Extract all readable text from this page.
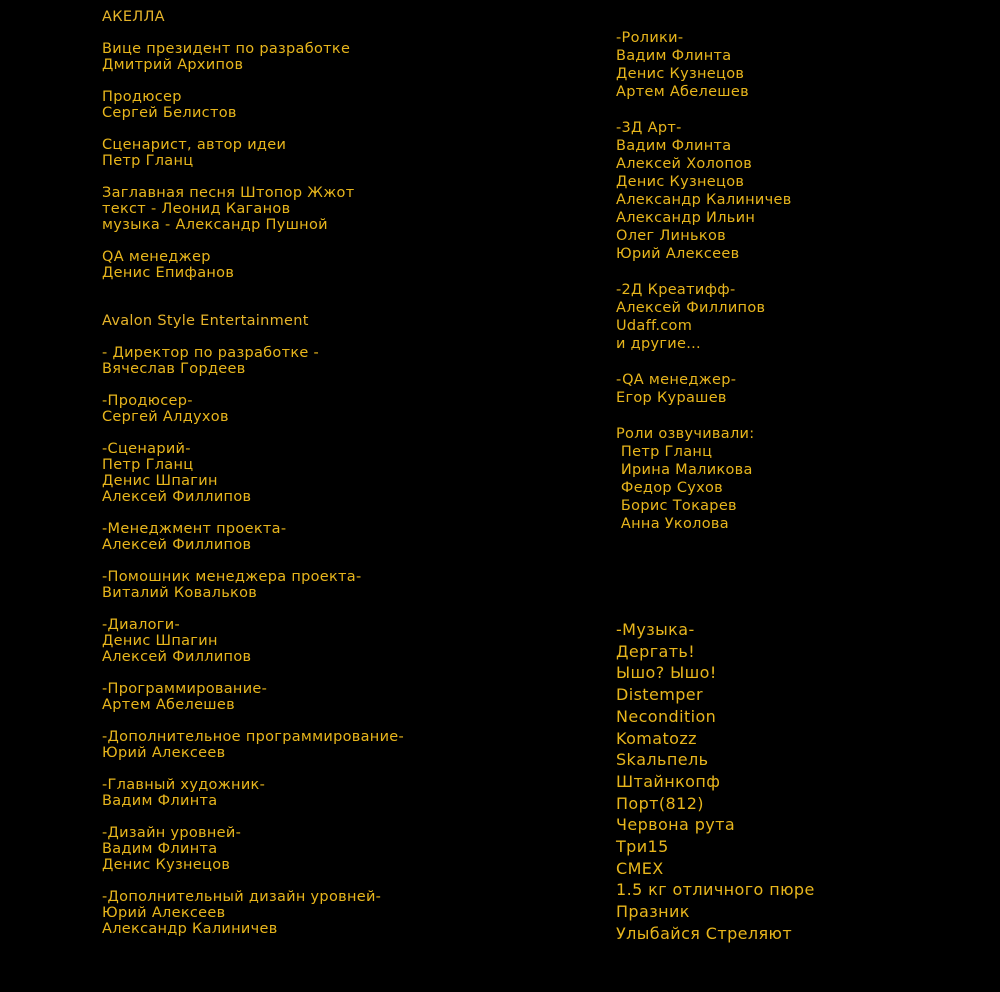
АКЕЛЛА
Вице президент по разработке
Дмитрий Архипов
Продюсер
Сергей Белистов
Сценарист, автор идеи
Петр Гланц
Заглавная песня Штопор Жжот
текст - Леонид Каганов
музыка - Александр Пушной
QA менеджер
Денис Епифанов
Avalon Style Entertainment
- Директор по разработке -
Вячеслав Гордеев
-Продюсер-
Сергей Алдухов
-Сценарий-
Петр Гланц
Денис Шпагин
Алексей Филлипов
-Менеджмент проекта-
Алексей Филлипов
-Помошник менеджера проекта-
Виталий Ковальков
-Диалоги-
Денис Шпагин
Алексей Филлипов
-Программирование-
Артем Абелешев
-Дополнительное программирование-
Юрий Алексеев
-Главный художник-
Вадим Флинта
-Дизайн уровней-
Вадим Флинта
Денис Кузнецов
-Дополнительный дизайн уровней-
Юрий Алексеев
Александр Калиничев
-Ролики-
Вадим Флинта
Денис Кузнецов
Артем Абелешев
-3Д Арт-
Вадим Флинта
Алексей Холопов
Денис Кузнецов
Александр Калиничев
Александр Ильин
Олег Линьков
Юрий Алексеев
-2Д Креатифф-
Алексей Филлипов
Udaff.com
и другие...
-QA менеджер-
Егор Курашев
Роли озвучивали:
Петр Гланц
Ирина Маликова
Федор Сухов
Борис Токарев
Анна Уколова
-Музыка-
Дергать!
Ышо? Ышо!
Distemper
Necondition
Komatozz
Skальпель
Штайнкопф
Порт(812)
Червона рута
Три15
СМЕХ
1.5 кг отличного пюре
Празник
Улыбайся Стреляют
